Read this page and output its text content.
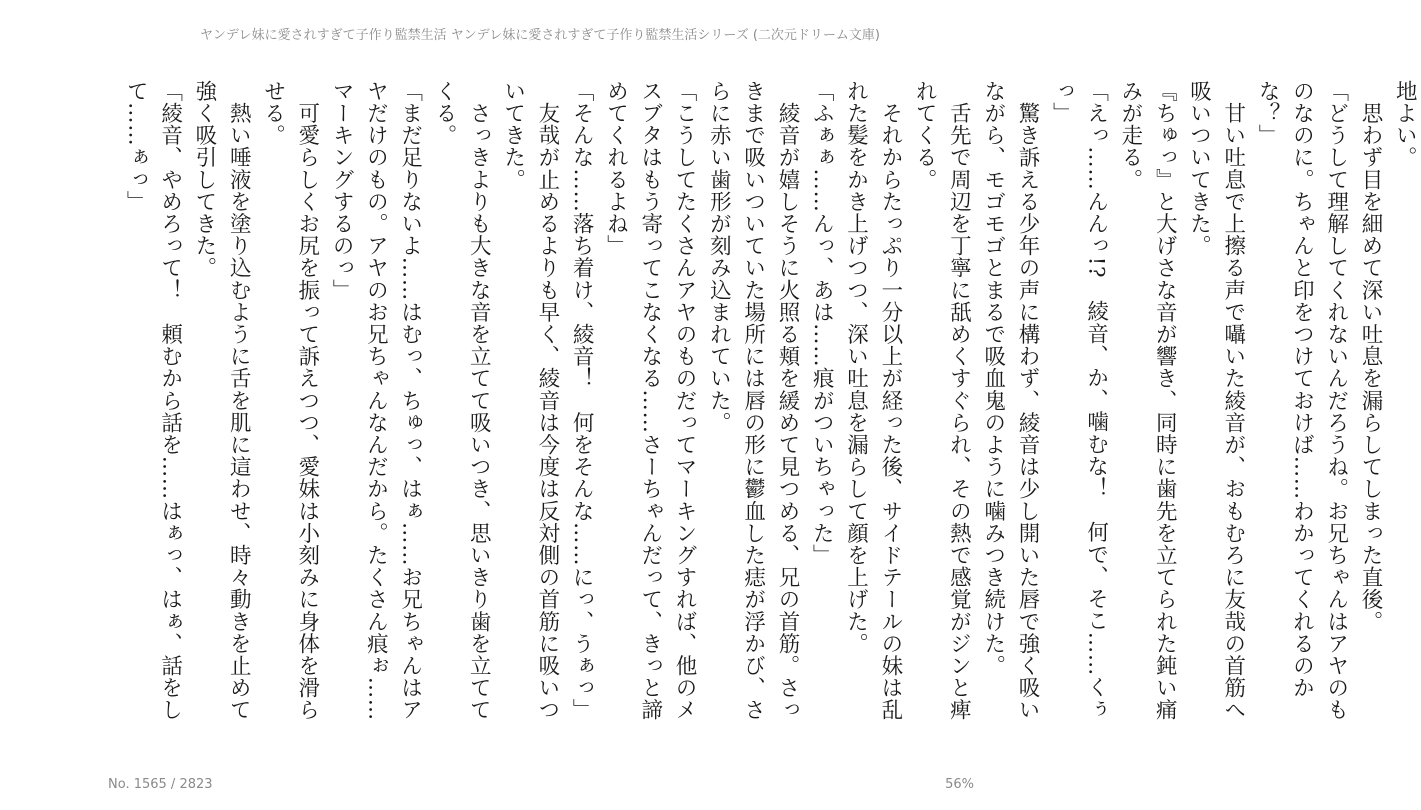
ヤンデレ妹に愛されすぎて子作り監禁生活 ヤンデレ妹に愛されすぎて子作り監禁生活シリーズ (二次元ドリーム文庫)

地よい。

　思わず目を細めて深い吐息を漏らしてしまった直後。

「どうして理解してくれないんだろうね。お兄ちゃんはアヤのものなのに。ちゃんと印をつけておけば……わかってくれるのかな？」

　甘い吐息で上擦る声で囁いた綾音が、おもむろに友哉の首筋へ吸いついてきた。

『ちゅっ』と大げさな音が響き、同時に歯先を立てられた鈍い痛みが走る。

「えっ……んんっ!?　綾音、か、噛むな！　何で、そこ……くぅっ」

　驚き訴える少年の声に構わず、綾音は少し開いた唇で強く吸いながら、モゴモゴとまるで吸血鬼のように噛みつき続けた。

　舌先で周辺を丁寧に舐めくすぐられ、その熱で感覚がジンと痺れてくる。

　それからたっぷり一分以上が経った後、サイドテールの妹は乱れた髪をかき上げつつ、深い吐息を漏らして顔を上げた。

「ふぁぁ……んっ、あは……痕がついちゃった」

　綾音が嬉しそうに火照る頬を緩めて見つめる、兄の首筋。さっきまで吸いついていた場所には唇の形に鬱血した痣が浮かび、さらに赤い歯形が刻み込まれていた。

「こうしてたくさんアヤのものだってマーキングすれば、他のメスブタはもう寄ってこなくなる……さーちゃんだって、きっと諦めてくれるよね」

「そんな……落ち着け、綾音！　何をそんな……にっ、うぁっ」

　友哉が止めるよりも早く、綾音は今度は反対側の首筋に吸いついてきた。

　さっきよりも大きな音を立てて吸いつき、思いきり歯を立ててくる。

「まだ足りないよ……はむっ、ちゅっ、はぁ……お兄ちゃんはアヤだけのもの。アヤのお兄ちゃんなんだから。たくさん痕ぉ……マーキングするのっ」

　可愛らしくお尻を振って訴えつつ、愛妹は小刻みに身体を滑らせる。

　熱い唾液を塗り込むように舌を肌に這わせ、時々動きを止めて強く吸引してきた。

「綾音、やめろって！　頼むから話を……はぁっ、はぁ、話をして……ぁっ」

No. 1565 / 2823	56%
